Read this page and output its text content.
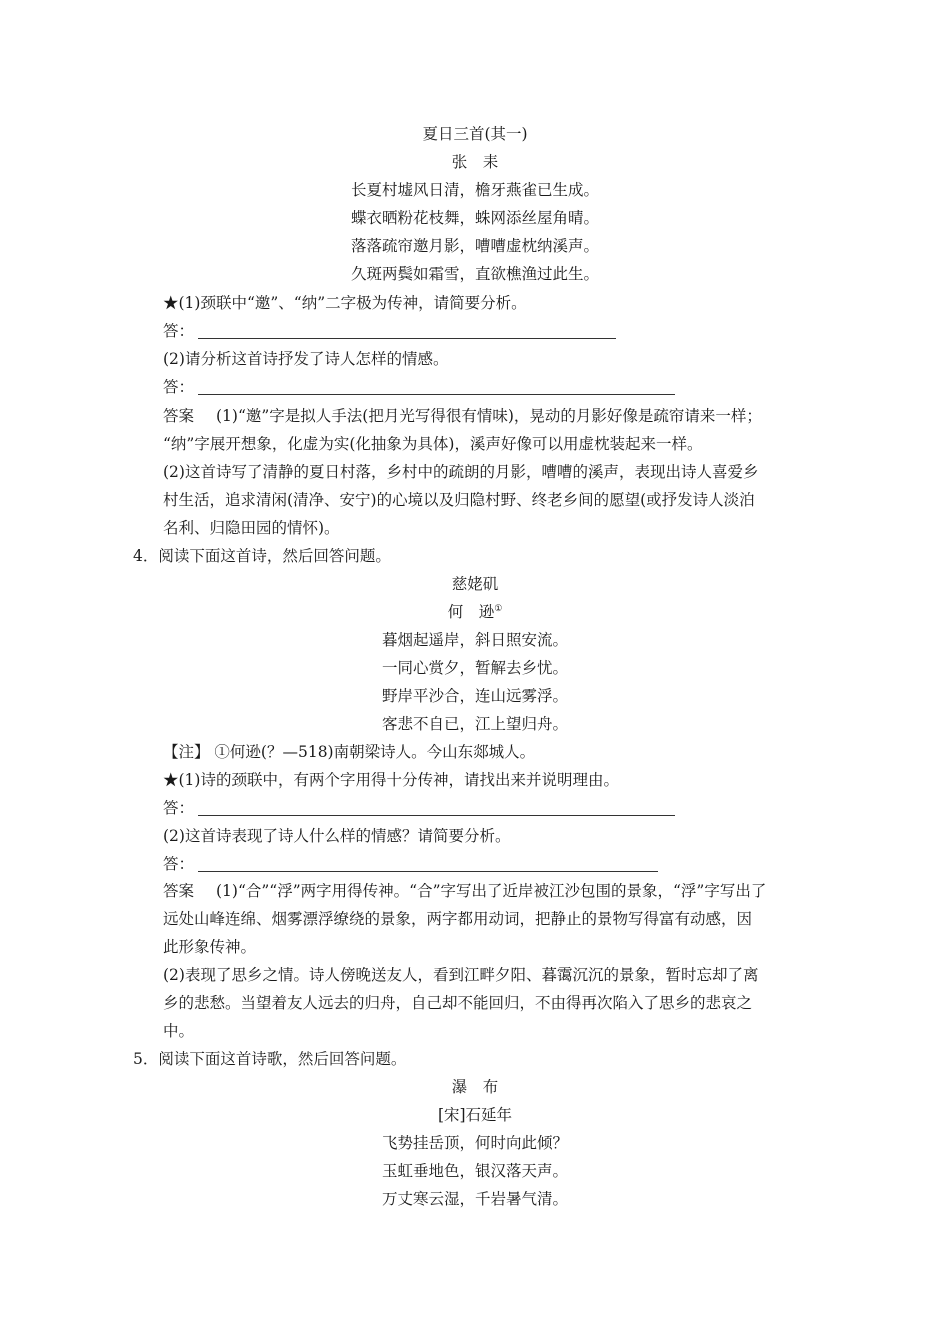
夏日三首(其一)
张　耒
长夏村墟风日清，檐牙燕雀已生成。
蝶衣晒粉花枝舞，蛛网添丝屋角晴。
落落疏帘邀月影，嘈嘈虚枕纳溪声。
久斑两鬓如霜雪，直欲樵渔过此生。
★(1)颈联中“邀”、“纳”二字极为传神，请简要分析。
答：
(2)请分析这首诗抒发了诗人怎样的情感。
答：
答案 (1)“邀”字是拟人手法(把月光写得很有情味)，晃动的月影好像是疏帘请来一样；
“纳”字展开想象，化虚为实(化抽象为具体)，溪声好像可以用虚枕装起来一样。
(2)这首诗写了清静的夏日村落，乡村中的疏朗的月影，嘈嘈的溪声，表现出诗人喜爱乡
村生活，追求清闲(清净、安宁)的心境以及归隐村野、终老乡间的愿望(或抒发诗人淡泊
名利、归隐田园的情怀)。
4．阅读下面这首诗，然后回答问题。
慈姥矶
何　逊①
暮烟起遥岸，斜日照安流。
一同心赏夕，暂解去乡忧。
野岸平沙合，连山远雾浮。
客悲不自已，江上望归舟。
【注】 ①何逊(？—518)南朝梁诗人。今山东郯城人。
★(1)诗的颈联中，有两个字用得十分传神，请找出来并说明理由。
答：
(2)这首诗表现了诗人什么样的情感？请简要分析。
答：
答案 (1)“合”“浮”两字用得传神。“合”字写出了近岸被江沙包围的景象，“浮”字写出了
远处山峰连绵、烟雾漂浮缭绕的景象，两字都用动词，把静止的景物写得富有动感，因
此形象传神。
(2)表现了思乡之情。诗人傍晚送友人，看到江畔夕阳、暮霭沉沉的景象，暂时忘却了离
乡的悲愁。当望着友人远去的归舟，自己却不能回归，不由得再次陷入了思乡的悲哀之
中。
5．阅读下面这首诗歌，然后回答问题。
瀑　布
[宋]石延年
飞势挂岳顶，何时向此倾？
玉虹垂地色，银汉落天声。
万丈寒云湿，千岩暑气清。
